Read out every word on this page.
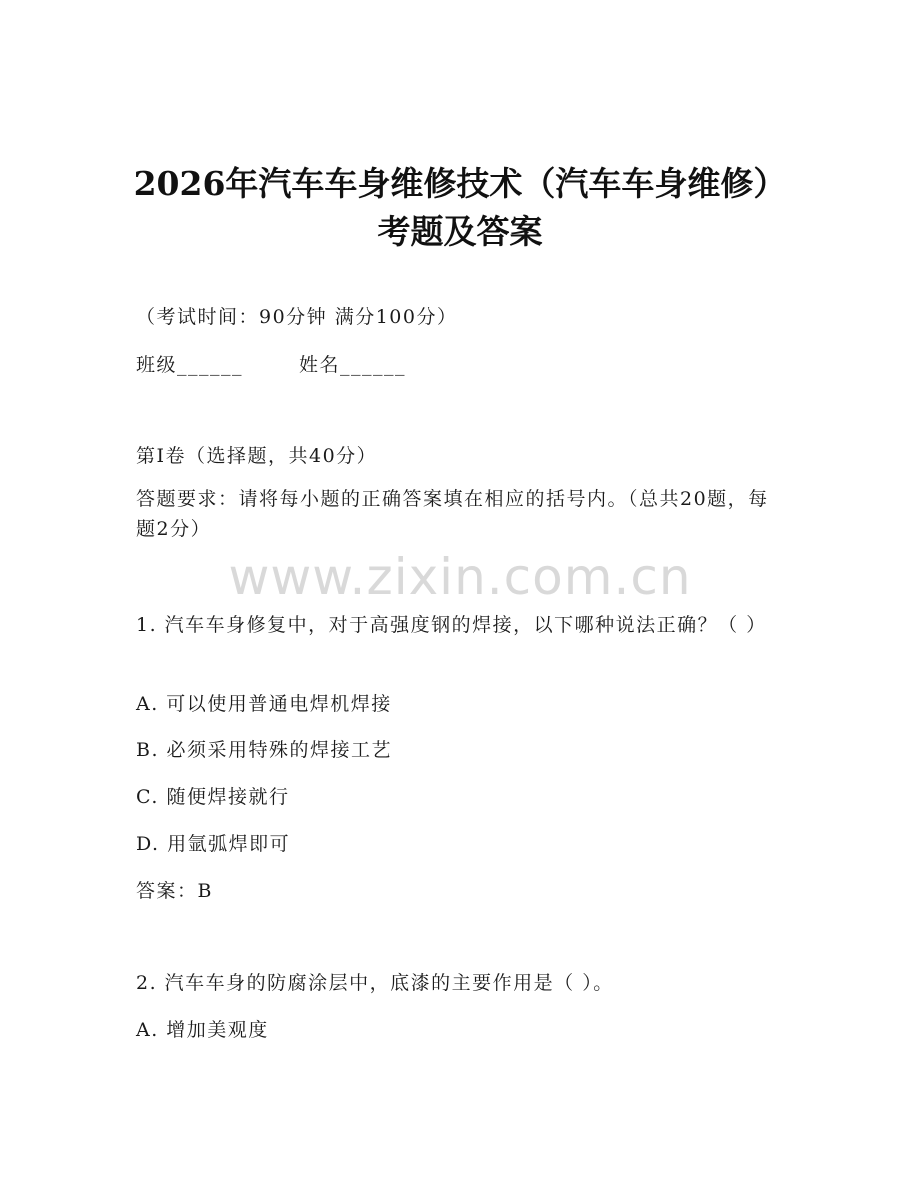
2026年汽车车身维修技术（汽车车身维修）
考题及答案
（考试时间：90分钟 满分100分）
班级______	姓名______
第I卷（选择题，共40分）
答题要求：请将每小题的正确答案填在相应的括号内。（总共20题，每题2分）
www.zixin.com.cn
1. 汽车车身修复中，对于高强度钢的焊接，以下哪种说法正确？（ ）
A. 可以使用普通电焊机焊接
B. 必须采用特殊的焊接工艺
C. 随便焊接就行
D. 用氩弧焊即可
答案：B
2. 汽车车身的防腐涂层中，底漆的主要作用是（ ）。
A. 增加美观度
